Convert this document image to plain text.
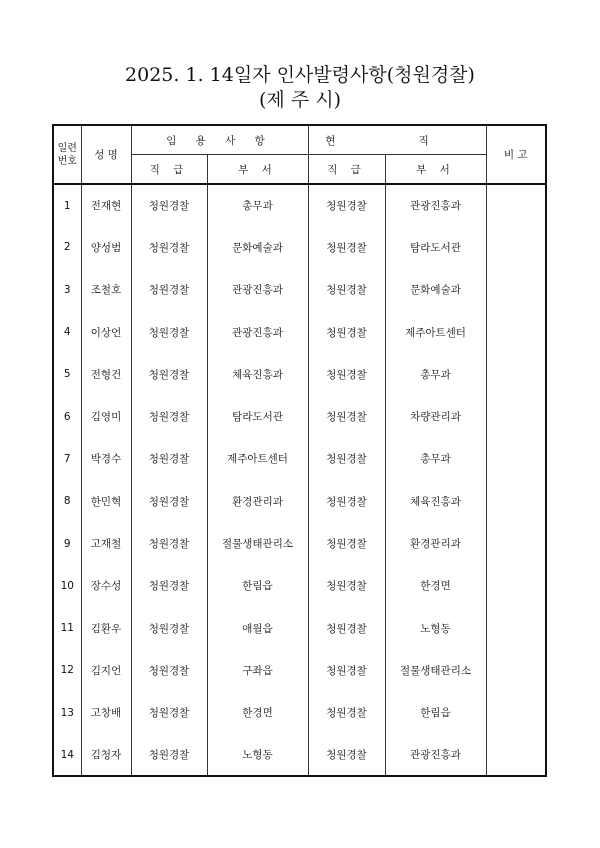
2025. 1. 14일자 인사발령사항(청원경찰)
(제 주 시)
일련번호	성 명	임 용 사 항		현 직		비 고
		직 급	부 서	직 급	부 서	
1	전재현	청원경찰	총무과	청원경찰	관광진흥과	
2	양성범	청원경찰	문화예술과	청원경찰	탐라도서관	
3	조철호	청원경찰	관광진흥과	청원경찰	문화예술과	
4	이상언	청원경찰	관광진흥과	청원경찰	제주아트센터	
5	전형건	청원경찰	체육진흥과	청원경찰	총무과	
6	김영미	청원경찰	탐라도서관	청원경찰	차량관리과	
7	박경수	청원경찰	제주아트센터	청원경찰	총무과	
8	한민혁	청원경찰	환경관리과	청원경찰	체육진흥과	
9	고재철	청원경찰	절물생태관리소	청원경찰	환경관리과	
10	장수성	청원경찰	한림읍	청원경찰	한경면	
11	김환우	청원경찰	애월읍	청원경찰	노형동	
12	김지언	청원경찰	구좌읍	청원경찰	절물생태관리소	
13	고창배	청원경찰	한경면	청원경찰	한림읍	
14	김청자	청원경찰	노형동	청원경찰	관광진흥과	
